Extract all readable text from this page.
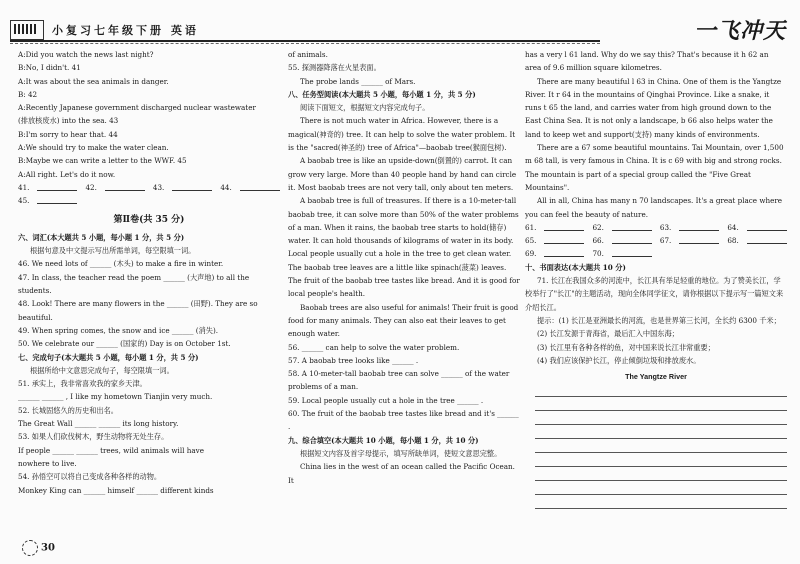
小复习七年级下册 英语	一飞冲天

A:Did you watch the news last night?

B:No, I didn't. 41

A:It was about the sea animals in danger.

B: 42

A:Recently Japanese government discharged nuclear wastewater

(排放核废水) into the sea. 43

B:I'm sorry to hear that. 44

A:We should try to make the water clean.

B:Maybe we can write a letter to the WWF. 45

A:All right. Let's do it now.

41.	42.	43.	44.

45.

第Ⅱ卷(共 35 分)

六、词汇(本大题共 5 小题，每小题 1 分，共 5 分)

根据句意及中文提示写出所需单词，每空限填一词。

46. We need lots of ______ (木头) to make a fire in winter.

47. In class, the teacher read the poem ______ (大声地) to all the students.

48. Look! There are many flowers in the ______ (田野). They are so beautiful.

49. When spring comes, the snow and ice ______ (消失).

50. We celebrate our ______ (国家的) Day is on October 1st.

七、完成句子(本大题共 5 小题，每小题 1 分，共 5 分)

根据所给中文意思完成句子，每空限填一词。

51. 承实上，我非常喜欢我的家乡天津。

______ ______ , I like my hometown Tianjin very much.

52. 长城固悠久的历史和出名。

The Great Wall ______ ______ its long history.

53. 如果人们砍伐树木，野生动物将无处生存。

If people ______ ______ trees, wild animals will have

nowhere to live.

54. 孙悟空可以将自己变成各种各样的动物。

Monkey King can ______ himself ______ different kinds

30

of animals.

55. 探测器降落在火星表面。

The probe lands ______ of Mars.

八、任务型阅读(本大题共 5 小题，每小题 1 分，共 5 分)

阅读下面短文，根据短文内容完成句子。

There is not much water in Africa. However, there is a magical(神奇的) tree. It can help to solve the water problem. It is the "sacred(神圣的) tree of Africa"—baobab tree(猴面包树).

A baobab tree is like an upside-down(倒置的) carrot. It can grow very large. More than 40 people hand by hand can circle it. Most baobab trees are not very tall, only about ten meters.

A baobab tree is full of treasures. If there is a 10-meter-tall baobab tree, it can solve more than 50% of the water problems of a man. When it rains, the baobab tree starts to hold(储存) water. It can hold thousands of kilograms of water in its body. Local people usually cut a hole in the tree to get clean water. The baobab tree leaves are a little like spinach(菠菜) leaves. The fruit of the baobab tree tastes like bread. And it is good for local people's health.

Baobab trees are also useful for animals! Their fruit is good food for many animals. They can also eat their leaves to get enough water.

56. ______ can help to solve the water problem.

57. A baobab tree looks like ______ .

58. A 10-meter-tall baobab tree can solve ______ of the water problems of a man.

59. Local people usually cut a hole in the tree ______ .

60. The fruit of the baobab tree tastes like bread and it's ______ .

九、综合填空(本大题共 10 小题，每小题 1 分，共 10 分)

根据短文内容及首字母提示，填写所缺单词，使短文意思完整。

China lies in the west of an ocean called the Pacific Ocean. It

has a very l 61 land. Why do we say this? That's because it h 62 an area of 9.6 million square kilometres.

There are many beautiful l 63 in China. One of them is the Yangtze River. It r 64 in the mountains of Qinghai Province. Like a snake, it runs t 65 the land, and carries water from high ground down to the East China Sea. It is not only a landscape, b 66 also helps water the land to keep wet and support(支持) many kinds of environments.

There are a 67 some beautiful mountains. Tai Mountain, over 1,500 m 68 tall, is very famous in China. It is c 69 with big and strong rocks. The mountain is part of a special group called the "Five Great Mountains".

All in all, China has many n 70 landscapes. It's a great place where you can feel the beauty of nature.

61.	62.	63.	64.

65.	66.	67.	68.

69.	70.

十、书面表达(本大题共 10 分)

71. 长江在我国众多的河流中，长江具有举足轻重的地位。为了赞美长江，学校举行了"长江"的主题活动，现向全体同学征文，请你根据以下提示写一篇短文来介绍长江。

提示：(1) 长江是亚洲最长的河流，也是世界第三长河，全长约 6300 千米；

(2) 长江发源于青海省，最后汇入中国东海；

(3) 长江里有各种各样的鱼，对中国来说长江非常重要；

(4) 我们应该保护长江，停止倾倒垃圾和排放废水。

The Yangtze River
